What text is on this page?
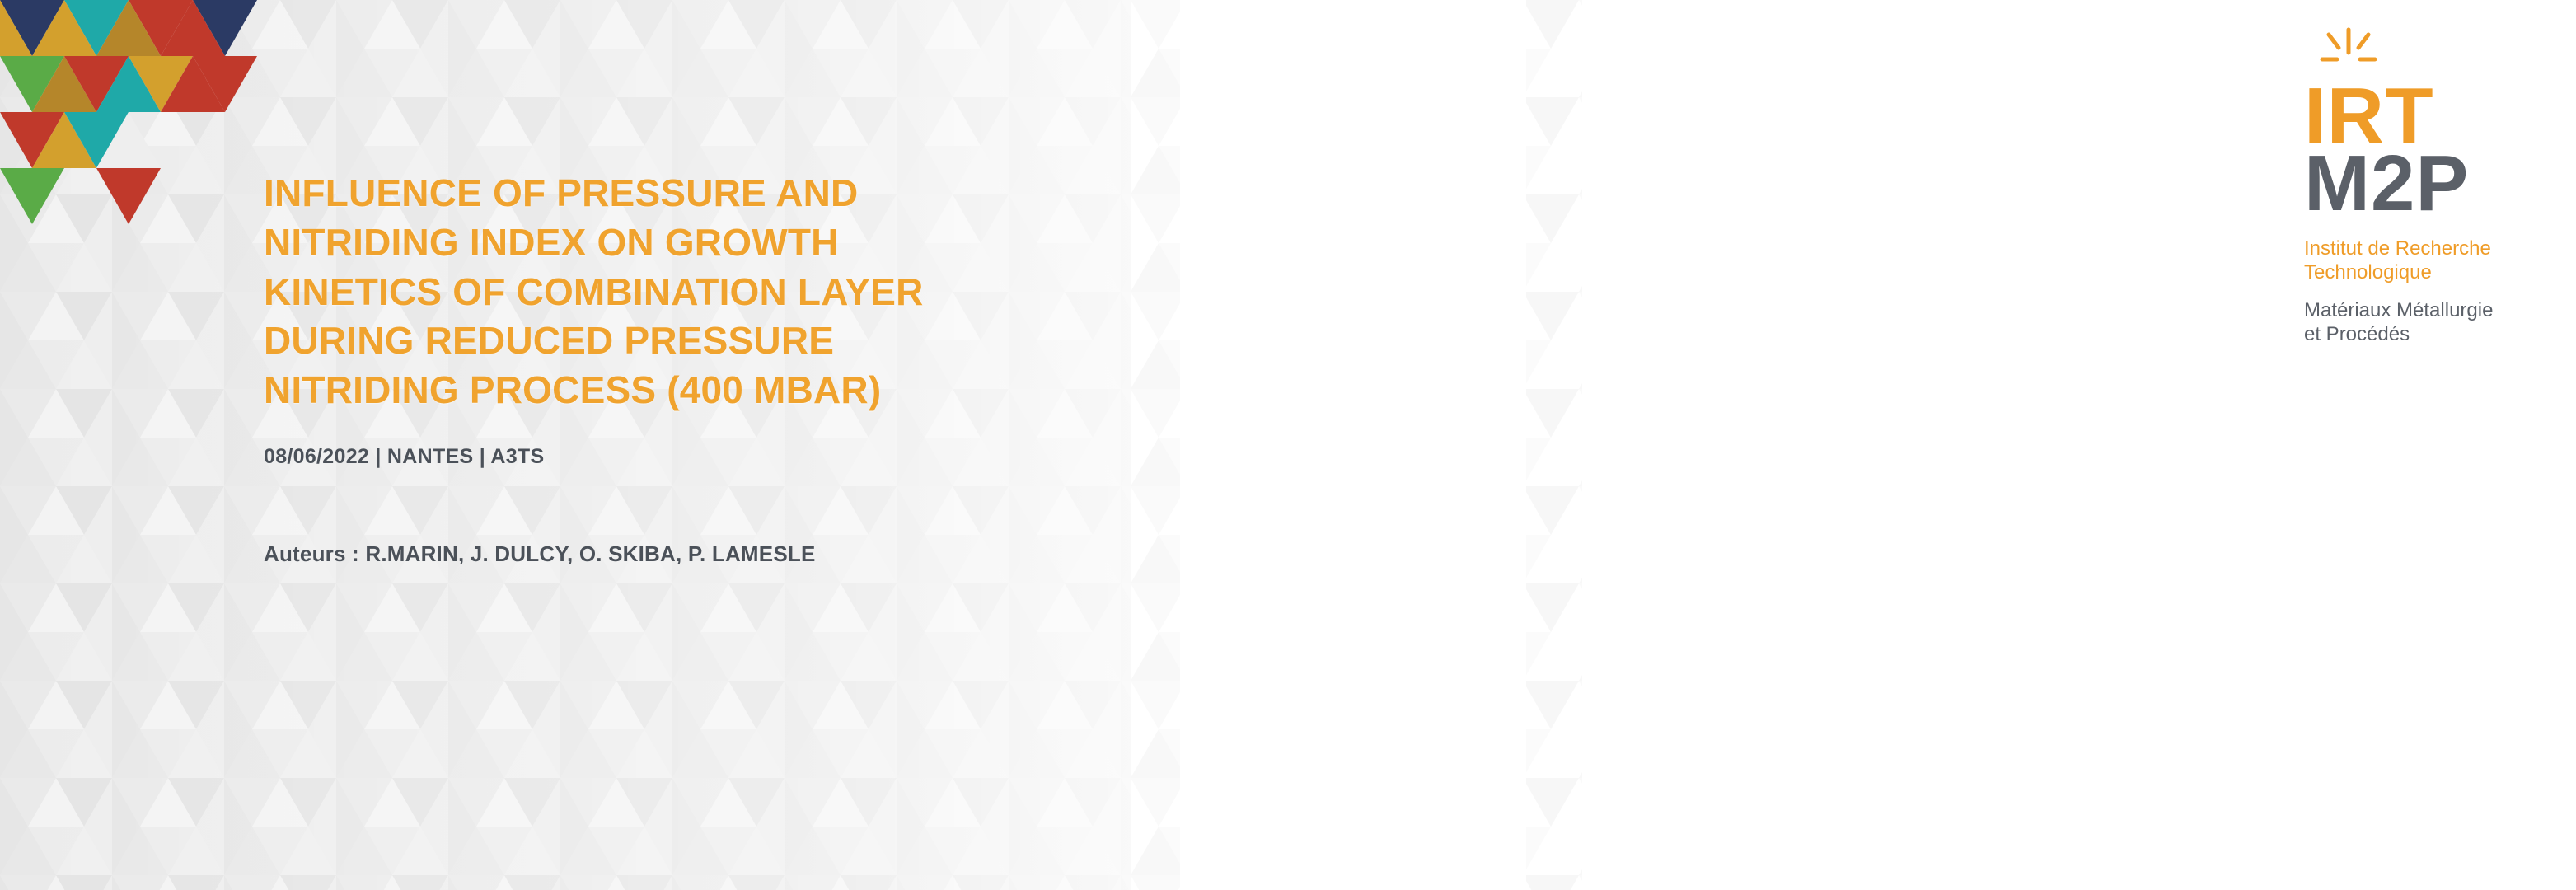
INFLUENCE OF PRESSURE AND
NITRIDING INDEX ON GROWTH
KINETICS OF COMBINATION LAYER
DURING REDUCED PRESSURE
NITRIDING PROCESS (400 MBAR)
08/06/2022 | NANTES | A3TS
Auteurs : R.MARIN, J. DULCY, O. SKIBA, P. LAMESLE
IRT
M2P
Institut de Recherche
Technologique
Matériaux Métallurgie
et Procédés
